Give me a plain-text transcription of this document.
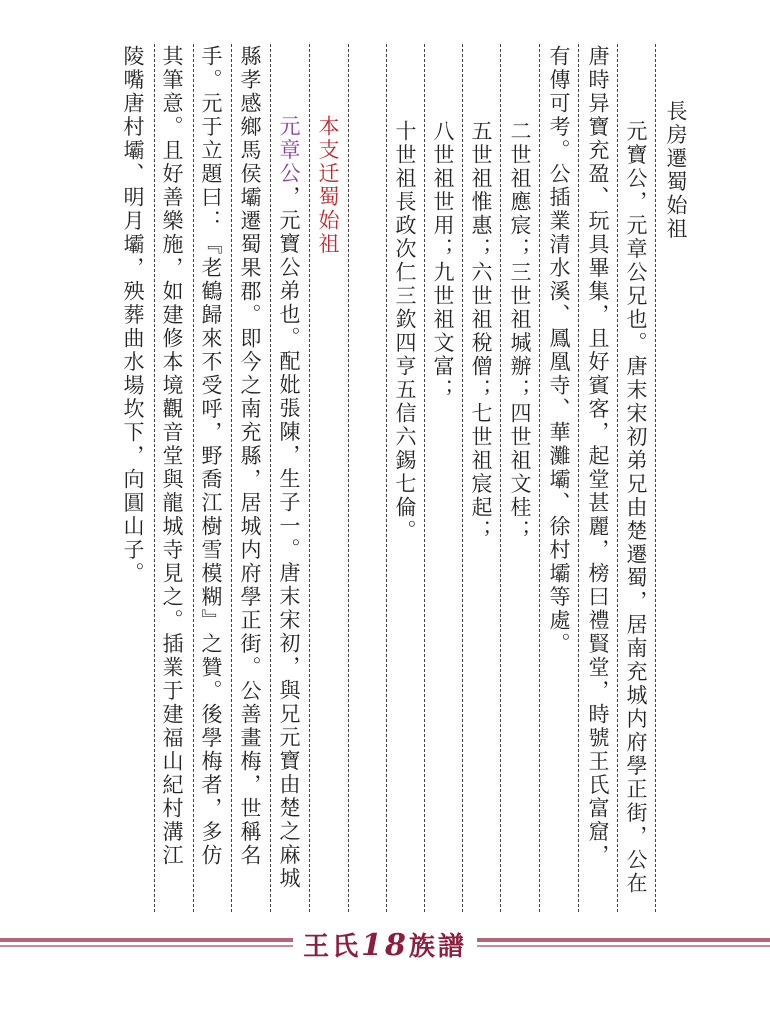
長房遷蜀始祖
元寶公，元章公兄也。唐末宋初弟兄由楚遷蜀，居南充城内府學正街，公在
唐時异寶充盈、玩具畢集，且好賓客，起堂甚麗，榜曰禮賢堂，時號王氏富窟，
有傳可考。公插業清水溪、鳳凰寺、華灘壩、徐村壩等處。
二世祖應宸；三世祖堿辦；四世祖文桂；
五世祖惟惠；六世祖稅僧；七世祖宸起；
八世祖世用；九世祖文富；
十世祖長政次仁三欽四亨五信六錫七倫。
本支迁蜀始祖
元章公，元寶公弟也。配妣張陳，生子一。唐末宋初，與兄元寶由楚之麻城
縣孝感鄉馬侯壩遷蜀果郡。即今之南充縣，居城内府學正街。公善畫梅，世稱名
手。元于立題曰：『老鶴歸來不受呼，野喬江樹雪模糊』之贊。後學梅者，多仿
其筆意。且好善樂施，如建修本境觀音堂與龍城寺見之。插業于建福山紀村溝江
陵嘴唐村壩、明月壩，殃葬曲水場坎下，向圓山子。
王氏18族譜
